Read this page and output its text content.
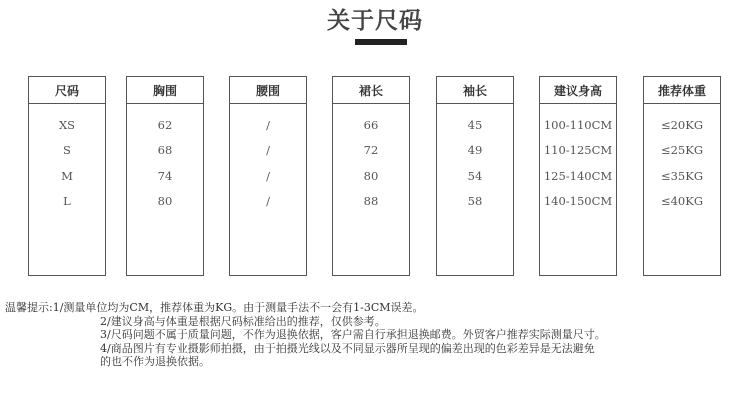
关于尺码
尺码
XS
S
M
L
胸围
62
68
74
80
腰围
/
/
/
/
裙长
66
72
80
88
袖长
45
49
54
58
建议身高
100-110CM
110-125CM
125-140CM
140-150CM
推荐体重
≤20KG
≤25KG
≤35KG
≤40KG
温馨提示: 1/测量单位均为CM，推荐体重为KG。由于测量手法不一会有1-3CM误差。
2/建议身高与体重是根据尺码标准给出的推荐，仅供参考。
3/尺码问题不属于质量问题，不作为退换依据，客户需自行承担退换邮费。外贸客户推荐实际测量尺寸。
4/商品图片有专业摄影师拍摄，由于拍摄光线以及不同显示器所呈现的偏差出现的色彩差异是无法避免
的也不作为退换依据。
